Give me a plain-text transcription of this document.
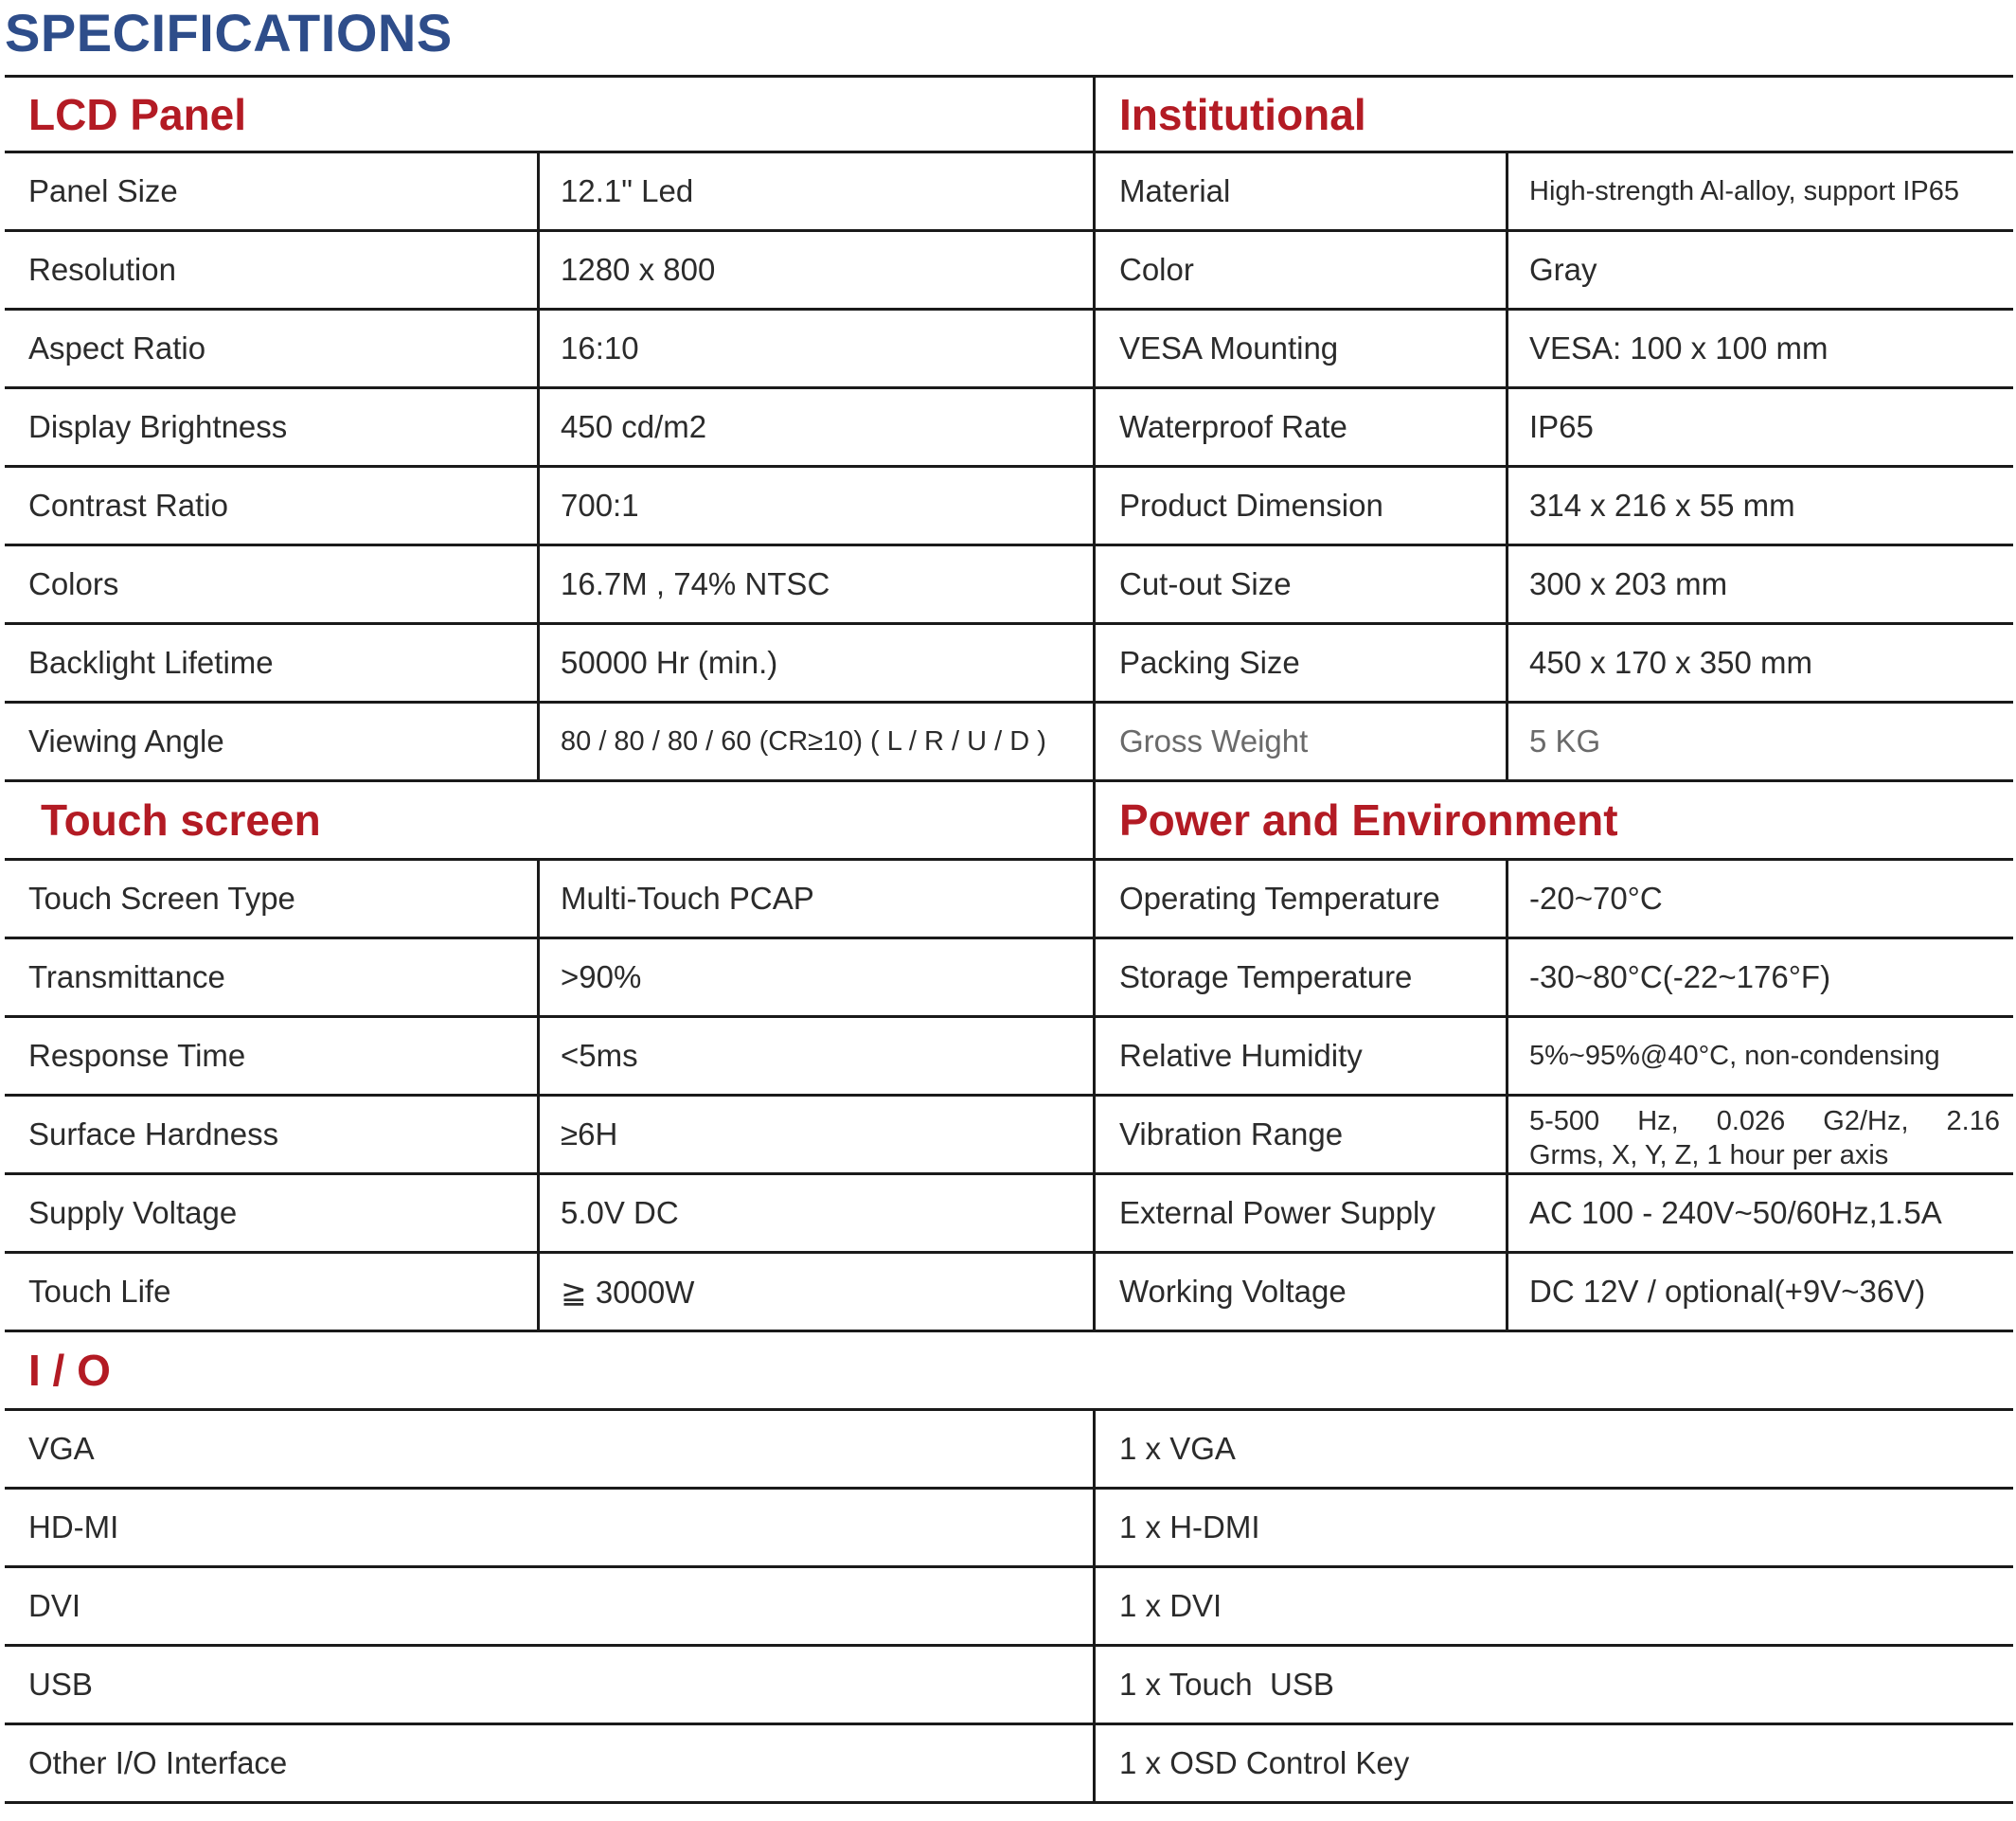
SPECIFICATIONS
LCD Panel	Institutional
Panel Size	12.1" Led	Material	High-strength Al-alloy, support IP65
Resolution	1280 x 800	Color	Gray
Aspect Ratio	16:10	VESA Mounting	VESA: 100 x 100 mm
Display Brightness	450 cd/m2	Waterproof Rate	IP65
Contrast Ratio	700:1	Product Dimension	314 x 216 x 55 mm
Colors	16.7M , 74% NTSC	Cut-out Size	300 x 203 mm
Backlight Lifetime	50000 Hr (min.)	Packing Size	450 x 170 x 350 mm
Viewing Angle	80 / 80 / 80 / 60 (CR≥10) ( L / R / U / D )	Gross Weight	5 KG
Touch screen	Power and Environment
Touch Screen Type	Multi-Touch PCAP	Operating Temperature	-20~70°C
Transmittance	>90%	Storage Temperature	-30~80°C(-22~176°F)
Response Time	<5ms	Relative Humidity	5%~95%@40°C, non-condensing
Surface Hardness	≥6H	Vibration Range	5-500 Hz, 0.026 G2/Hz, 2.16
Grms, X, Y, Z, 1 hour per axis
Supply Voltage	5.0V DC	External Power Supply	AC 100 - 240V~50/60Hz,1.5A
Touch Life	≧ 3000W	Working Voltage	DC 12V / optional(+9V~36V)
I / O
VGA	1 x VGA
HD-MI	1 x H-DMI
DVI	1 x DVI
USB	1 x Touch  USB
Other I/O Interface	1 x OSD Control Key
